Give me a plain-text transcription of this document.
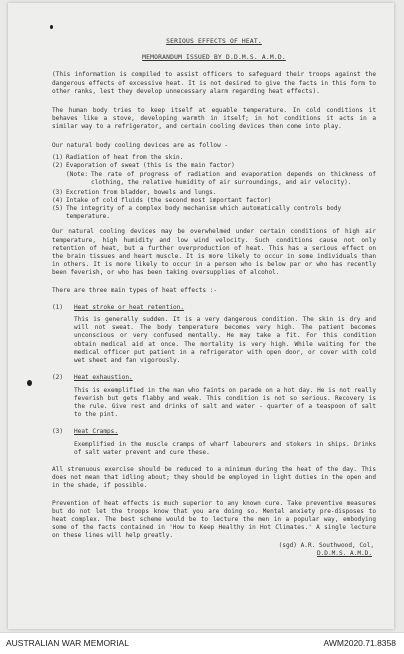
SERIOUS EFFECTS OF HEAT.

MEMORANDUM ISSUED BY D.D.M.S. A.M.D.

(This information is compiled to assist officers to safeguard their troops against the dangerous effects of excessive heat. It is not desired to give the facts in this form to other ranks, lest they develop unnecessary alarm regarding heat effects).

The human body tries to keep itself at equable temperature. In cold conditions it behaves like a stove, developing warmth in itself; in hot conditions it acts in a similar way to a refrigerator, and certain cooling devices then come into play.

Our natural body cooling devices are as follow -

(1) Radiation of heat from the skin.
(2) Evaporation of sweat (this is the main factor)
(Note: The rate of progress of radiation and evaporation depends on thickness of clothing, the relative humidity of air surroundings, and air velocity).
(3) Excretion from bladder, bowels and lungs.
(4) Intake of cold fluids (the second most important factor)
(5) The integrity of a complex body mechanism which automatically controls body temperature.

Our natural cooling devices may be overwhelmed under certain conditions of high air temperature, high humidity and low wind velocity. Such conditions cause not only retention of heat, but a further overproduction of heat. This has a serious effect on the brain tissues and heart muscle. It is more likely to occur in some individuals than in others. It is more likely to occur in a person who is below par or who has recently been feverish, or who has been taking oversupplies of alcohol.

There are three main types of heat effects :-

(1)	Heat stroke or heat retention.

This is generally sudden. It is a very dangerous condition. The skin is dry and will not sweat. The body temperature becomes very high. The patient becomes unconscious or very confused mentally. He may take a fit. For this condition obtain medical aid at once. The mortality is very high. While waiting for the medical officer put patient in a refrigerator with open door, or cover with cold wet sheet and fan vigorously.

(2)	Heat exhaustion.

This is exemplified in the man who faints on parade on a hot day. He is not really feverish but gets flabby and weak. This condition is not so serious. Recovery is the rule. Give rest and drinks of salt and water - quarter of a teaspoon of salt to the pint.

(3)	Heat Cramps.

Exemplified in the muscle cramps of wharf labourers and stokers in ships. Drinks of salt water prevent and cure these.

All strenuous exercise should be reduced to a minimum during the heat of the day. This does not mean that idling about; they should be employed in light duties in the open and in the shade, if possible.

Prevention of heat effects is much superior to any known cure. Take preventive measures but do not let the troops know that you are doing so. Mental anxiety pre-disposes to heat complex. The best scheme would be to lecture the men in a popular way, embodying some of the facts contained in 'How to Keep Healthy in Hot Climates.' A single lecture on these lines will help greatly.

(sgd) A.R. Southwood, Col,

D.D.M.S. A.M.D.

AUSTRALIAN WAR MEMORIAL	AWM2020.71.8358
